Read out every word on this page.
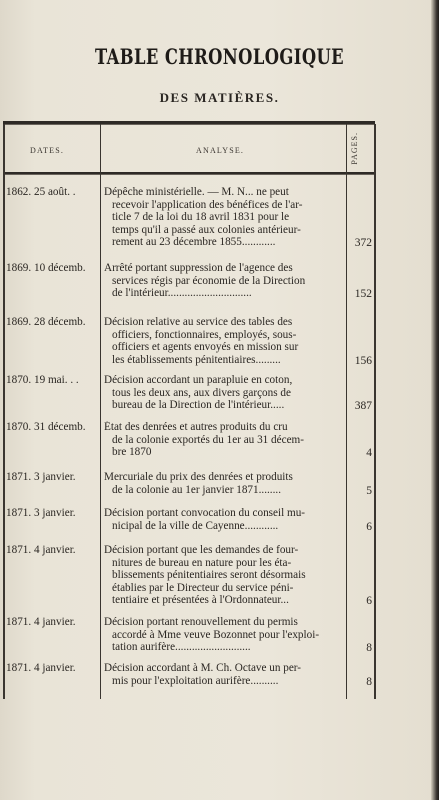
TABLE CHRONOLOGIQUE
DES MATIÈRES.
DATES.	ANALYSE.	PAGES.
1862. 25 août. .	Dépêche ministérielle. — M. N... ne peut
recevoir l'application des bénéfices de l'ar-
ticle 7 de la loi du 18 avril 1831 pour le
temps qu'il a passé aux colonies antérieur-
rement au 23 décembre 1855............	372
1869. 10 décemb.	Arrêté portant suppression de l'agence des
services régis par économie de la Direction
de l'intérieur..............................	152
1869. 28 décemb.	Décision relative au service des tables des
officiers, fonctionnaires, employés, sous-
officiers et agents envoyés en mission sur
les établissements pénitentiaires.........	156
1870. 19 mai. . .	Décision accordant un parapluie en coton,
tous les deux ans, aux divers garçons de
bureau de la Direction de l'intérieur.....	387
1870. 31 décemb.	État des denrées et autres produits du cru
de la colonie exportés du 1er au 31 décem-
bre 1870	4
1871. 3 janvier.	Mercuriale du prix des denrées et produits
de la colonie au 1er janvier 1871........	5
1871. 3 janvier.	Décision portant convocation du conseil mu-
nicipal de la ville de Cayenne............	6
1871. 4 janvier.	Décision portant que les demandes de four-
nitures de bureau en nature pour les éta-
blissements pénitentiaires seront désormais
établies par le Directeur du service péni-
tentiaire et présentées à l'Ordonnateur...	6
1871. 4 janvier.	Décision portant renouvellement du permis
accordé à Mme veuve Bozonnet pour l'exploi-
tation aurifère...........................	8
1871. 4 janvier.	Décision accordant à M. Ch. Octave un per-
mis pour l'exploitation aurifère..........	8
